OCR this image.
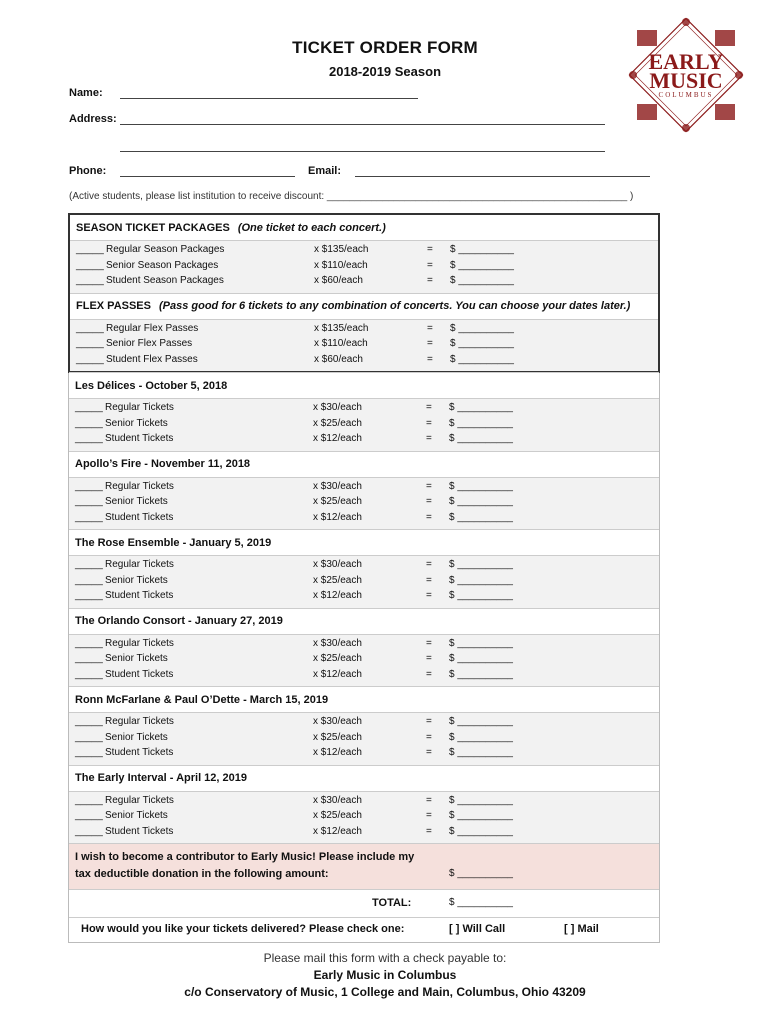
TICKET ORDER FORM
2018-2019 Season	EARLY
MUSIC
COLUMBUS
Name:
Address:
Phone:	Email:
(Active students, please list institution to receive discount: ______________________________________________________ )
SEASON TICKET PACKAGES (One ticket to each concert.)
_____ Regular Season Packages	x $135/each	= $ __________
_____ Senior Season Packages	x $110/each	= $ __________
_____ Student Season Packages	x $60/each	= $ __________
FLEX PASSES (Pass good for 6 tickets to any combination of concerts. You can choose your dates later.)
_____ Regular Flex Passes	x $135/each	= $ __________
_____ Senior Flex Passes	x $110/each	= $ __________
_____ Student Flex Passes	x $60/each	= $ __________
Les Délices - October 5, 2018
_____ Regular Tickets	x $30/each	= $ __________
_____ Senior Tickets	x $25/each	= $ __________
_____ Student Tickets	x $12/each	= $ __________
Apollo’s Fire - November 11, 2018
_____ Regular Tickets	x $30/each	= $ __________
_____ Senior Tickets	x $25/each	= $ __________
_____ Student Tickets	x $12/each	= $ __________
The Rose Ensemble - January 5, 2019
_____ Regular Tickets	x $30/each	= $ __________
_____ Senior Tickets	x $25/each	= $ __________
_____ Student Tickets	x $12/each	= $ __________
The Orlando Consort - January 27, 2019
_____ Regular Tickets	x $30/each	= $ __________
_____ Senior Tickets	x $25/each	= $ __________
_____ Student Tickets	x $12/each	= $ __________
Ronn McFarlane & Paul O’Dette - March 15, 2019
_____ Regular Tickets	x $30/each	= $ __________
_____ Senior Tickets	x $25/each	= $ __________
_____ Student Tickets	x $12/each	= $ __________
The Early Interval - April 12, 2019
_____ Regular Tickets	x $30/each	= $ __________
_____ Senior Tickets	x $25/each	= $ __________
_____ Student Tickets	x $12/each	= $ __________
I wish to become a contributor to Early Music! Please include my
tax deductible donation in the following amount:	$ __________
TOTAL:	$ __________
How would you like your tickets delivered? Please check one:	[ ] Will Call	[ ] Mail
Please mail this form with a check payable to:
Early Music in Columbus
c/o Conservatory of Music, 1 College and Main, Columbus, Ohio 43209
